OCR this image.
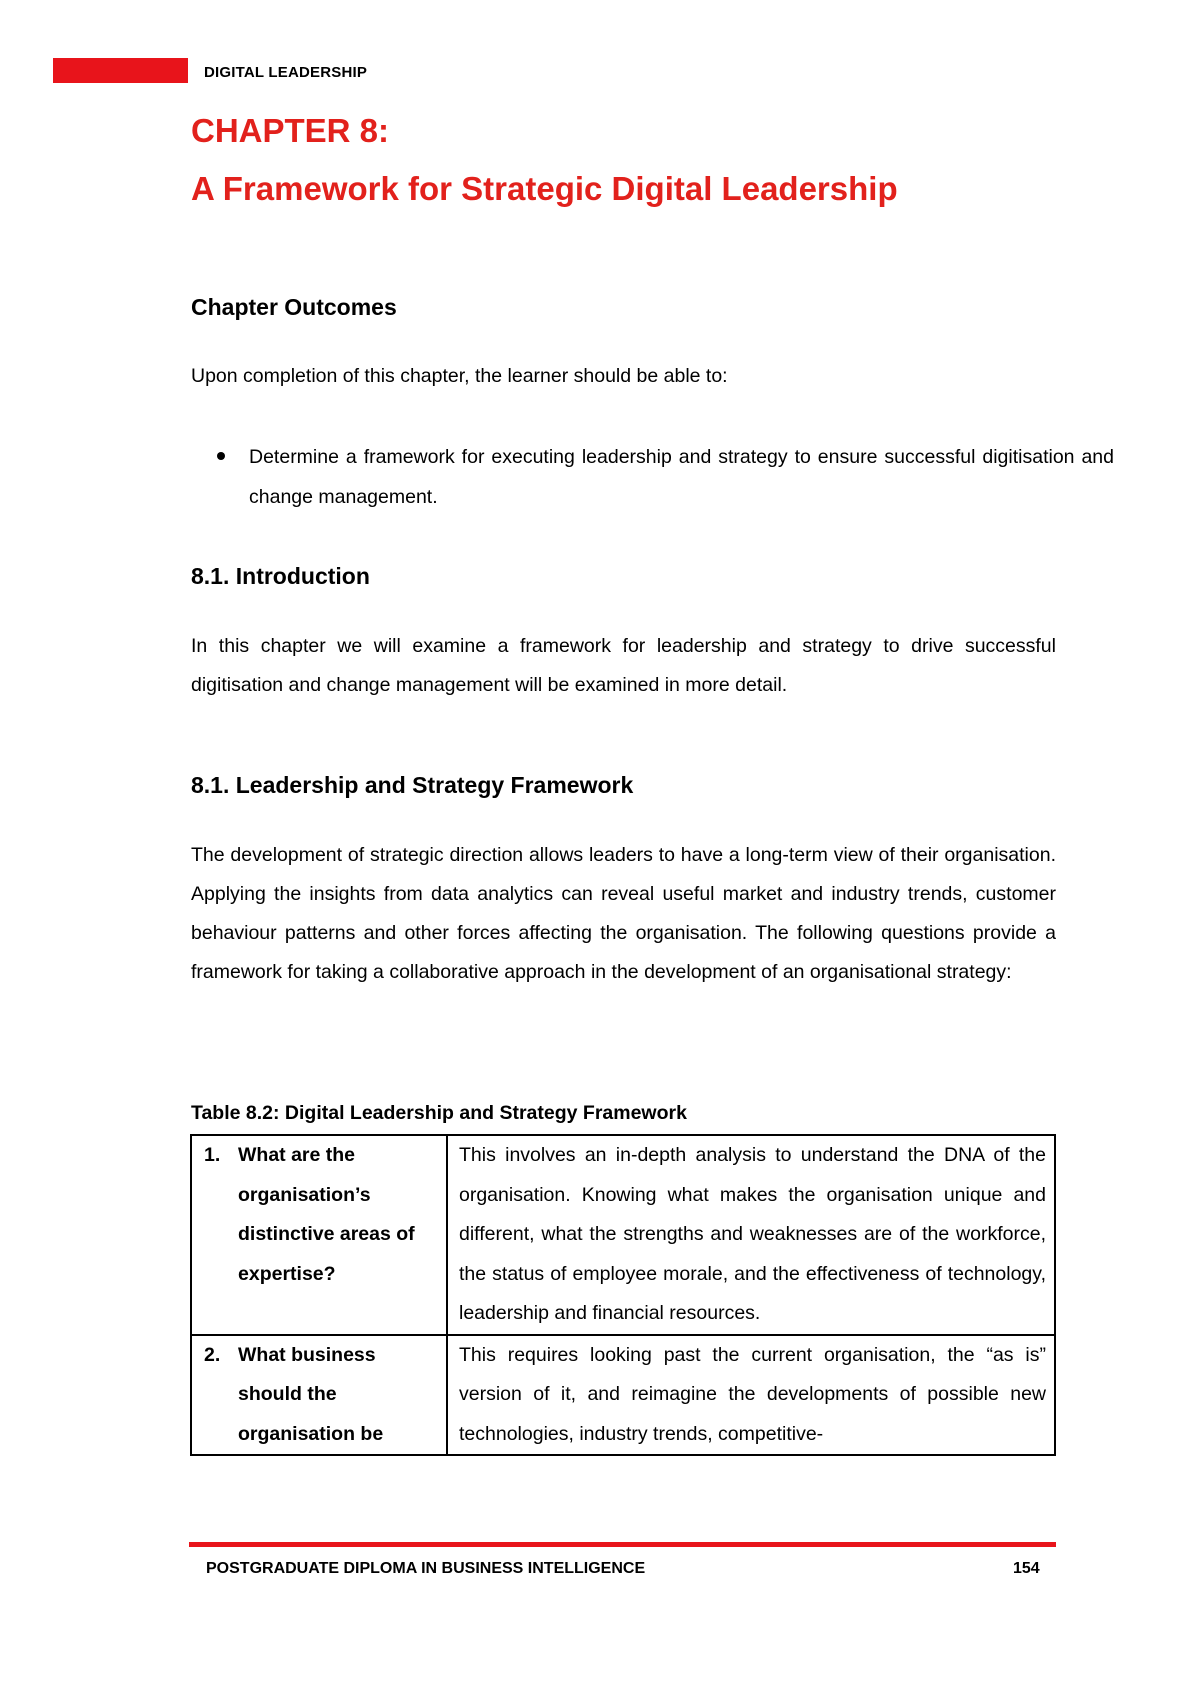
DIGITAL LEADERSHIP
CHAPTER 8:
A Framework for Strategic Digital Leadership
Chapter Outcomes
Upon completion of this chapter, the learner should be able to:
Determine a framework for executing leadership and strategy to ensure successful digitisation and change management.
8.1. Introduction
In this chapter we will examine a framework for leadership and strategy to drive successful digitisation and change management will be examined in more detail.
8.1. Leadership and Strategy Framework
The development of strategic direction allows leaders to have a long-term view of their organisation. Applying the insights from data analytics can reveal useful market and industry trends, customer behaviour patterns and other forces affecting the organisation. The following questions provide a framework for taking a collaborative approach in the development of an organisational strategy:
Table 8.2: Digital Leadership and Strategy Framework
1. What are the organisation’s distinctive areas of expertise?	This involves an in-depth analysis to understand the DNA of the organisation. Knowing what makes the organisation unique and different, what the strengths and weaknesses are of the workforce, the status of employee morale, and the effectiveness of technology, leadership and financial resources.
2. What business should the organisation be	This requires looking past the current organisation, the “as is” version of it, and reimagine the developments of possible new technologies, industry trends, competitive-
POSTGRADUATE DIPLOMA IN BUSINESS INTELLIGENCE	154
